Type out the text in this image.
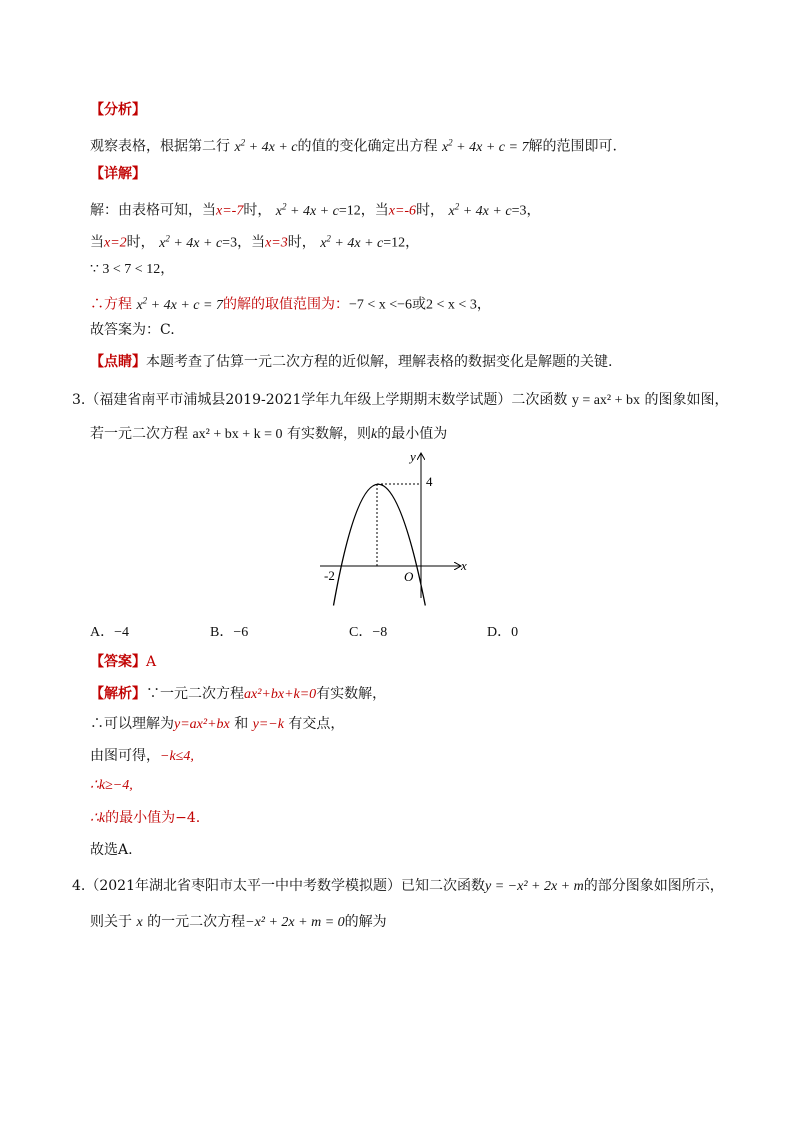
【分析】
观察表格，根据第二行 $x^2 + 4x + c$的值的变化确定出方程 $x^2 + 4x + c = 7$解的范围即可.
【详解】
解：由表格可知，当x=-7时， $x^2 + 4x + c=12$，当x=-6时， $x^2 + 4x + c=3$，
当x=2时， $x^2 + 4x + c=3$，当x=3时， $x^2 + 4x + c=12$，
∵ 3 < 7 < 12，
∴方程 $x^2 + 4x + c = 7$的解的取值范围为：−7 < x <−6或2 < x < 3，
故答案为：C.
【点睛】本题考查了估算一元二次方程的近似解，理解表格的数据变化是解题的关键.
3.（福建省南平市浦城县2019-2021学年九年级上学期期末数学试题）二次函数 y = ax² + bx 的图象如图，
若一元二次方程 ax² + bx + k = 0 有实数解，则k的最小值为
y
x
4
-2	O
A．−4	B．−6	C．−8	D．0
【答案】A
【解析】∵一元二次方程ax²+bx+k=0有实数解，
∴可以理解为y=ax²+bx 和 y=−k 有交点，
由图可得，−k≤4,
∴k≥−4,
∴k的最小值为−4.
故选A.
4.（2021年湖北省枣阳市太平一中中考数学模拟题）已知二次函数y = −x² + 2x + m的部分图象如图所示，
则关于 x 的一元二次方程−x² + 2x + m = 0的解为
